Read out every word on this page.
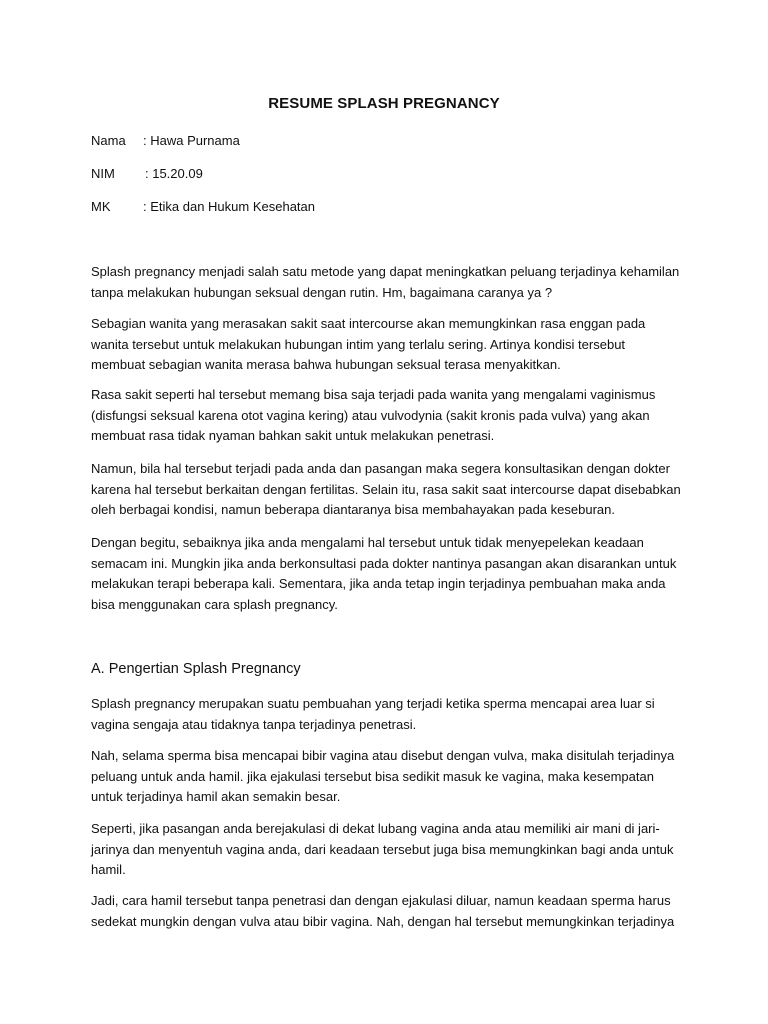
RESUME SPLASH PREGNANCY
Nama : Hawa Purnama
NIM : 15.20.09
MK	: Etika dan Hukum Kesehatan

Splash pregnancy menjadi salah satu metode yang dapat meningkatkan peluang terjadinya kehamilan tanpa melakukan hubungan seksual dengan rutin. Hm, bagaimana caranya ya ?

Sebagian wanita yang merasakan sakit saat intercourse akan memungkinkan rasa enggan pada wanita tersebut untuk melakukan hubungan intim yang terlalu sering. Artinya kondisi tersebut membuat sebagian wanita merasa bahwa hubungan seksual terasa menyakitkan.

Rasa sakit seperti hal tersebut memang bisa saja terjadi pada wanita yang mengalami vaginismus (disfungsi seksual karena otot vagina kering) atau vulvodynia (sakit kronis pada vulva) yang akan membuat rasa tidak nyaman bahkan sakit untuk melakukan penetrasi.

Namun, bila hal tersebut terjadi pada anda dan pasangan maka segera konsultasikan dengan dokter karena hal tersebut berkaitan dengan fertilitas. Selain itu, rasa sakit saat intercourse dapat disebabkan oleh berbagai kondisi, namun beberapa diantaranya bisa membahayakan pada keseburan.

Dengan begitu, sebaiknya jika anda mengalami hal tersebut untuk tidak menyepelekan keadaan semacam ini. Mungkin jika anda berkonsultasi pada dokter nantinya pasangan akan disarankan untuk melakukan terapi beberapa kali. Sementara, jika anda tetap ingin terjadinya pembuahan maka anda bisa menggunakan cara splash pregnancy.

A. Pengertian Splash Pregnancy

Splash pregnancy merupakan suatu pembuahan yang terjadi ketika sperma mencapai area luar si vagina sengaja atau tidaknya tanpa terjadinya penetrasi.

Nah, selama sperma bisa mencapai bibir vagina atau disebut dengan vulva, maka disitulah terjadinya peluang untuk anda hamil. jika ejakulasi tersebut bisa sedikit masuk ke vagina, maka kesempatan untuk terjadinya hamil akan semakin besar.

Seperti, jika pasangan anda berejakulasi di dekat lubang vagina anda atau memiliki air mani di jari-jarinya dan menyentuh vagina anda, dari keadaan tersebut juga bisa memungkinkan bagi anda untuk hamil.

Jadi, cara hamil tersebut tanpa penetrasi dan dengan ejakulasi diluar, namun keadaan sperma harus sedekat mungkin dengan vulva atau bibir vagina. Nah, dengan hal tersebut memungkinkan terjadinya
